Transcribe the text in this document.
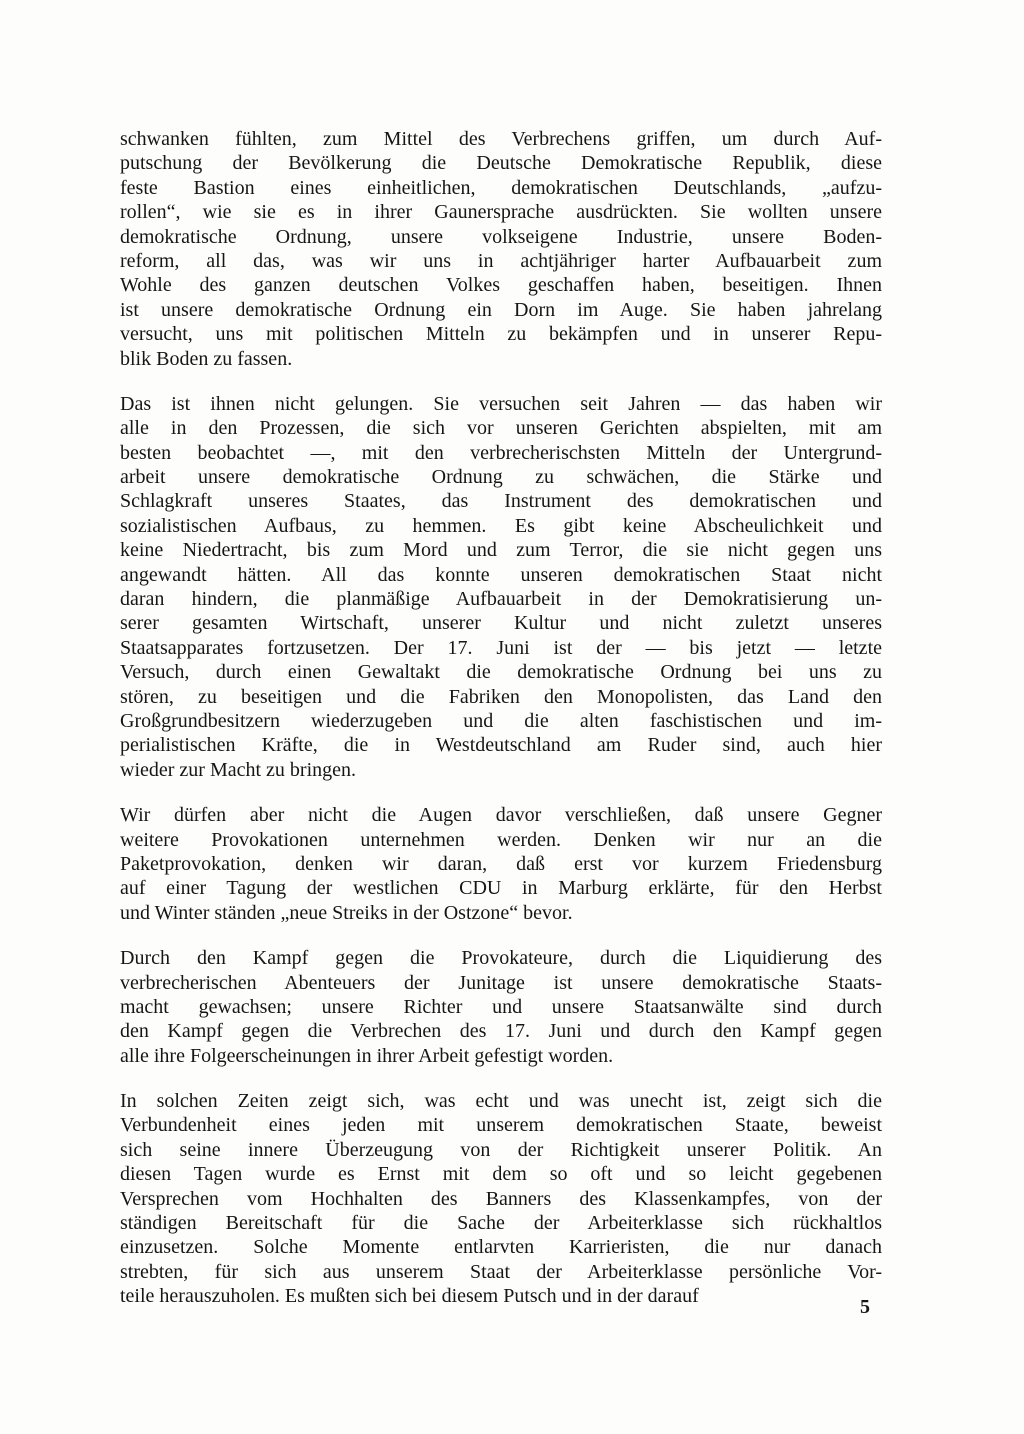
schwanken fühlten, zum Mittel des Verbrechens griffen, um durch Auf-
putschung der Bevölkerung die Deutsche Demokratische Republik, diese
feste Bastion eines einheitlichen, demokratischen Deutschlands, „aufzu-
rollen“, wie sie es in ihrer Gaunersprache ausdrückten. Sie wollten unsere
demokratische Ordnung, unsere volkseigene Industrie, unsere Boden-
reform, all das, was wir uns in achtjähriger harter Aufbauarbeit zum
Wohle des ganzen deutschen Volkes geschaffen haben, beseitigen. Ihnen
ist unsere demokratische Ordnung ein Dorn im Auge. Sie haben jahrelang
versucht, uns mit politischen Mitteln zu bekämpfen und in unserer Repu-
blik Boden zu fassen.
Das ist ihnen nicht gelungen. Sie versuchen seit Jahren — das haben wir
alle in den Prozessen, die sich vor unseren Gerichten abspielten, mit am
besten beobachtet —, mit den verbrecherischsten Mitteln der Untergrund-
arbeit unsere demokratische Ordnung zu schwächen, die Stärke und
Schlagkraft unseres Staates, das Instrument des demokratischen und
sozialistischen Aufbaus, zu hemmen. Es gibt keine Abscheulichkeit und
keine Niedertracht, bis zum Mord und zum Terror, die sie nicht gegen uns
angewandt hätten. All das konnte unseren demokratischen Staat nicht
daran hindern, die planmäßige Aufbauarbeit in der Demokratisierung un-
serer gesamten Wirtschaft, unserer Kultur und nicht zuletzt unseres
Staatsapparates fortzusetzen. Der 17. Juni ist der — bis jetzt — letzte
Versuch, durch einen Gewaltakt die demokratische Ordnung bei uns zu
stören, zu beseitigen und die Fabriken den Monopolisten, das Land den
Großgrundbesitzern wiederzugeben und die alten faschistischen und im-
perialistischen Kräfte, die in Westdeutschland am Ruder sind, auch hier
wieder zur Macht zu bringen.
Wir dürfen aber nicht die Augen davor verschließen, daß unsere Gegner
weitere Provokationen unternehmen werden. Denken wir nur an die
Paketprovokation, denken wir daran, daß erst vor kurzem Friedensburg
auf einer Tagung der westlichen CDU in Marburg erklärte, für den Herbst
und Winter ständen „neue Streiks in der Ostzone“ bevor.
Durch den Kampf gegen die Provokateure, durch die Liquidierung des
verbrecherischen Abenteuers der Junitage ist unsere demokratische Staats-
macht gewachsen; unsere Richter und unsere Staatsanwälte sind durch
den Kampf gegen die Verbrechen des 17. Juni und durch den Kampf gegen
alle ihre Folgeerscheinungen in ihrer Arbeit gefestigt worden.
In solchen Zeiten zeigt sich, was echt und was unecht ist, zeigt sich die
Verbundenheit eines jeden mit unserem demokratischen Staate, beweist
sich seine innere Überzeugung von der Richtigkeit unserer Politik. An
diesen Tagen wurde es Ernst mit dem so oft und so leicht gegebenen
Versprechen vom Hochhalten des Banners des Klassenkampfes, von der
ständigen Bereitschaft für die Sache der Arbeiterklasse sich rückhaltlos
einzusetzen. Solche Momente entlarvten Karrieristen, die nur danach
strebten, für sich aus unserem Staat der Arbeiterklasse persönliche Vor-
teile herauszuholen. Es mußten sich bei diesem Putsch und in der darauf	5
